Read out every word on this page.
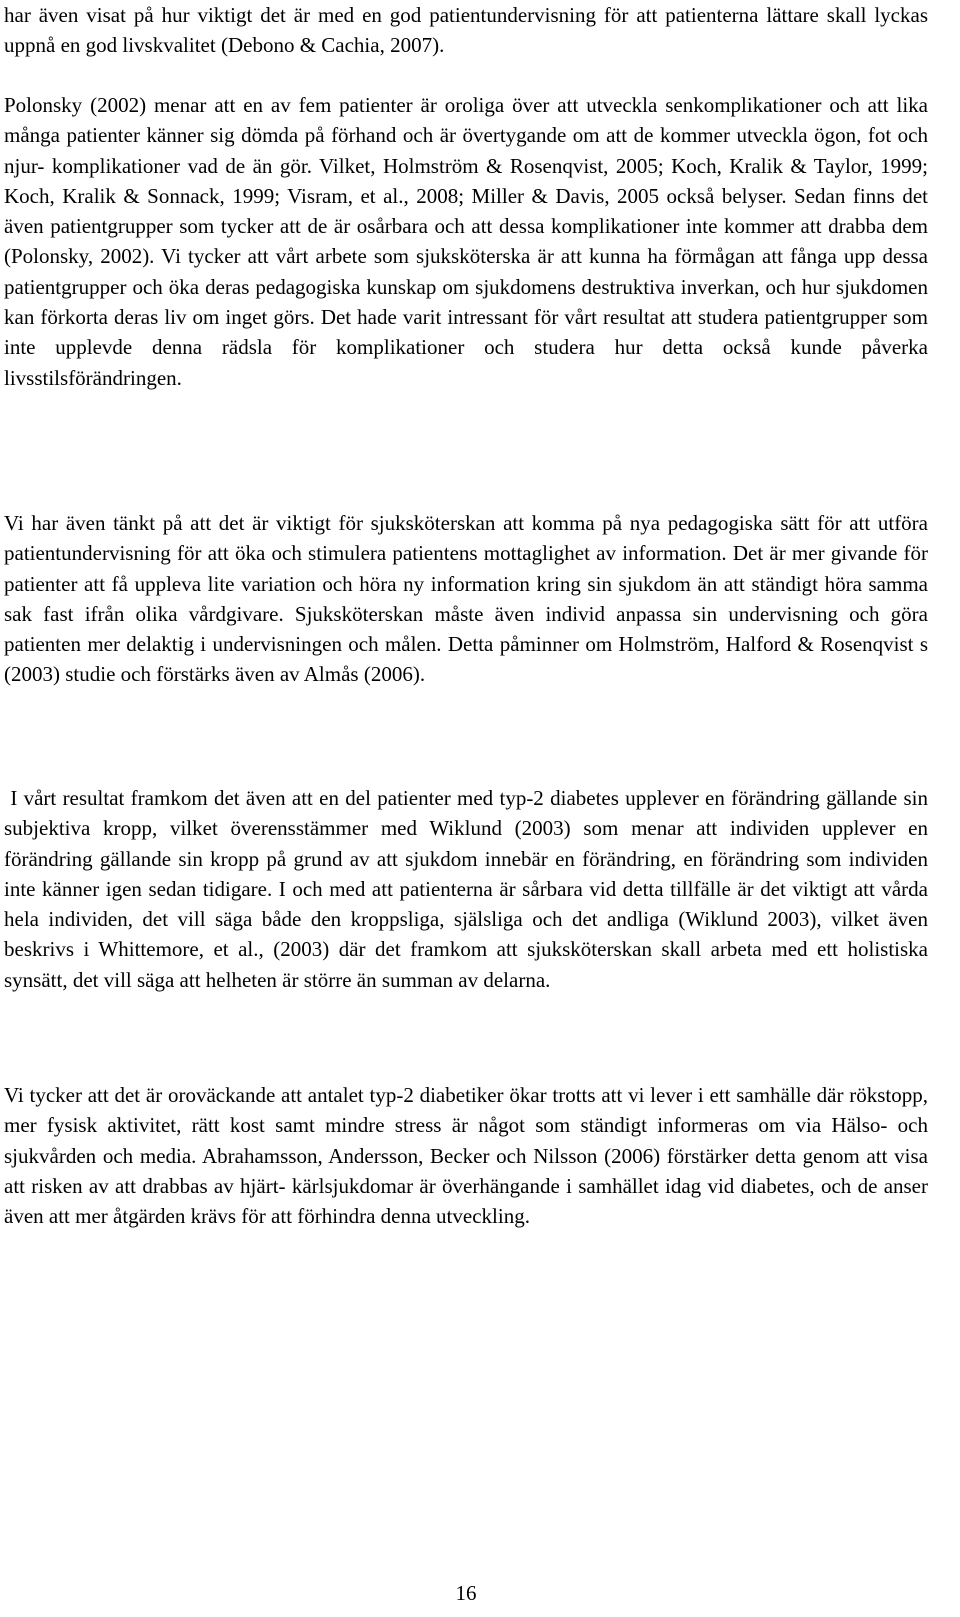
har även visat på hur viktigt det är med en god patientundervisning för att patienterna lättare skall lyckas uppnå en god livskvalitet (Debono & Cachia, 2007).

Polonsky (2002) menar att en av fem patienter är oroliga över att utveckla senkomplikationer och att lika många patienter känner sig dömda på förhand och är övertygande om att de kommer utveckla ögon, fot och njur- komplikationer vad de än gör. Vilket, Holmström & Rosenqvist, 2005; Koch, Kralik & Taylor, 1999; Koch, Kralik & Sonnack, 1999; Visram, et al., 2008; Miller & Davis, 2005 också belyser. Sedan finns det även patientgrupper som tycker att de är osårbara och att dessa komplikationer inte kommer att drabba dem (Polonsky, 2002). Vi tycker att vårt arbete som sjuksköterska är att kunna ha förmågan att fånga upp dessa patientgrupper och öka deras pedagogiska kunskap om sjukdomens destruktiva inverkan, och hur sjukdomen kan förkorta deras liv om inget görs. Det hade varit intressant för vårt resultat att studera patientgrupper som inte upplevde denna rädsla för komplikationer och studera hur detta också kunde påverka livsstilsförändringen.

Vi har även tänkt på att det är viktigt för sjuksköterskan att komma på nya pedagogiska sätt för att utföra patientundervisning för att öka och stimulera patientens mottaglighet av information. Det är mer givande för patienter att få uppleva lite variation och höra ny information kring sin sjukdom än att ständigt höra samma sak fast ifrån olika vårdgivare. Sjuksköterskan måste även individ anpassa sin undervisning och göra patienten mer delaktig i undervisningen och målen. Detta påminner om Holmström, Halford & Rosenqvist s (2003) studie och förstärks även av Almås (2006).

I vårt resultat framkom det även att en del patienter med typ-2 diabetes upplever en förändring gällande sin subjektiva kropp, vilket överensstämmer med Wiklund (2003) som menar att individen upplever en förändring gällande sin kropp på grund av att sjukdom innebär en förändring, en förändring som individen inte känner igen sedan tidigare. I och med att patienterna är sårbara vid detta tillfälle är det viktigt att vårda hela individen, det vill säga både den kroppsliga, själsliga och det andliga (Wiklund 2003), vilket även beskrivs i Whittemore, et al., (2003) där det framkom att sjuksköterskan skall arbeta med ett holistiska synsätt, det vill säga att helheten är större än summan av delarna.

Vi tycker att det är oroväckande att antalet typ-2 diabetiker ökar trotts att vi lever i ett samhälle där rökstopp, mer fysisk aktivitet, rätt kost samt mindre stress är något som ständigt informeras om via Hälso- och sjukvården och media. Abrahamsson, Andersson, Becker och Nilsson (2006) förstärker detta genom att visa att risken av att drabbas av hjärt- kärlsjukdomar är överhängande i samhället idag vid diabetes, och de anser även att mer åtgärden krävs för att förhindra denna utveckling.

16
